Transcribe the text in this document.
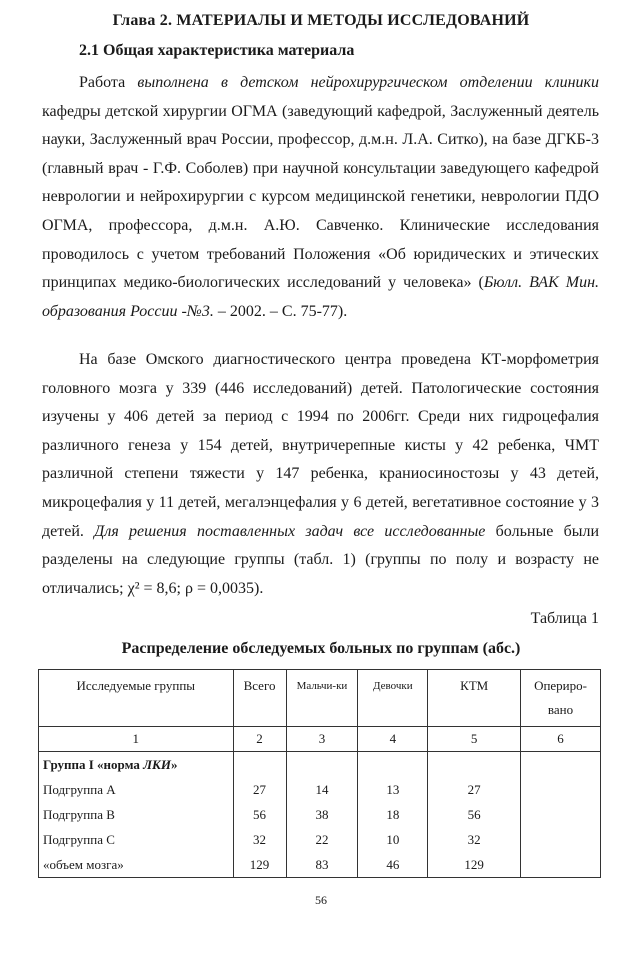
Глава 2. МАТЕРИАЛЫ И МЕТОДЫ ИССЛЕДОВАНИЙ
2.1 Общая характеристика материала
Работа выполнена в детском нейрохирургическом отделении клиники кафедры детской хирургии ОГМА (заведующий кафедрой, Заслуженный деятель науки, Заслуженный врач России, профессор, д.м.н. Л.А. Ситко), на базе ДГКБ-3 (главный врач - Г.Ф. Соболев) при научной консультации заведующего кафедрой неврологии и нейрохирургии с курсом медицинской генетики, неврологии ПДО ОГМА, профессора, д.м.н. А.Ю. Савченко. Клинические исследования проводилось с учетом требований Положения «Об юридических и этических принципах медико-биологических исследований у человека» (Бюлл. ВАК Мин. образования России -№3. – 2002. – С. 75-77).
На базе Омского диагностического центра проведена КТ-морфометрия головного мозга у 339 (446 исследований) детей. Патологические состояния изучены у 406 детей за период с 1994 по 2006гг. Среди них гидроцефалия различного генеза у 154 детей, внутричерепные кисты у 42 ребенка, ЧМТ различной степени тяжести у 147 ребенка, краниосиностозы у 43 детей, микроцефалия у 11 детей, мегалэнцефалия у 6 детей, вегетативное состояние у 3 детей. Для решения поставленных задач все исследованные больные были разделены на следующие группы (табл. 1) (группы по полу и возрасту не отличались; χ² = 8,6; ρ = 0,0035).
Таблица 1
Распределение обследуемых больных по группам (абс.)
Исследуемые группы	Всего	Мальчи-ки	Девочки	КТМ	Опериро-вано
1	2	3	4	5	6
Группа I «норма ЛКИ»					
Подгруппа А	27	14	13	27	
Подгруппа В	56	38	18	56	
Подгруппа С	32	22	10	32	
«объем мозга»	129	83	46	129	
56
